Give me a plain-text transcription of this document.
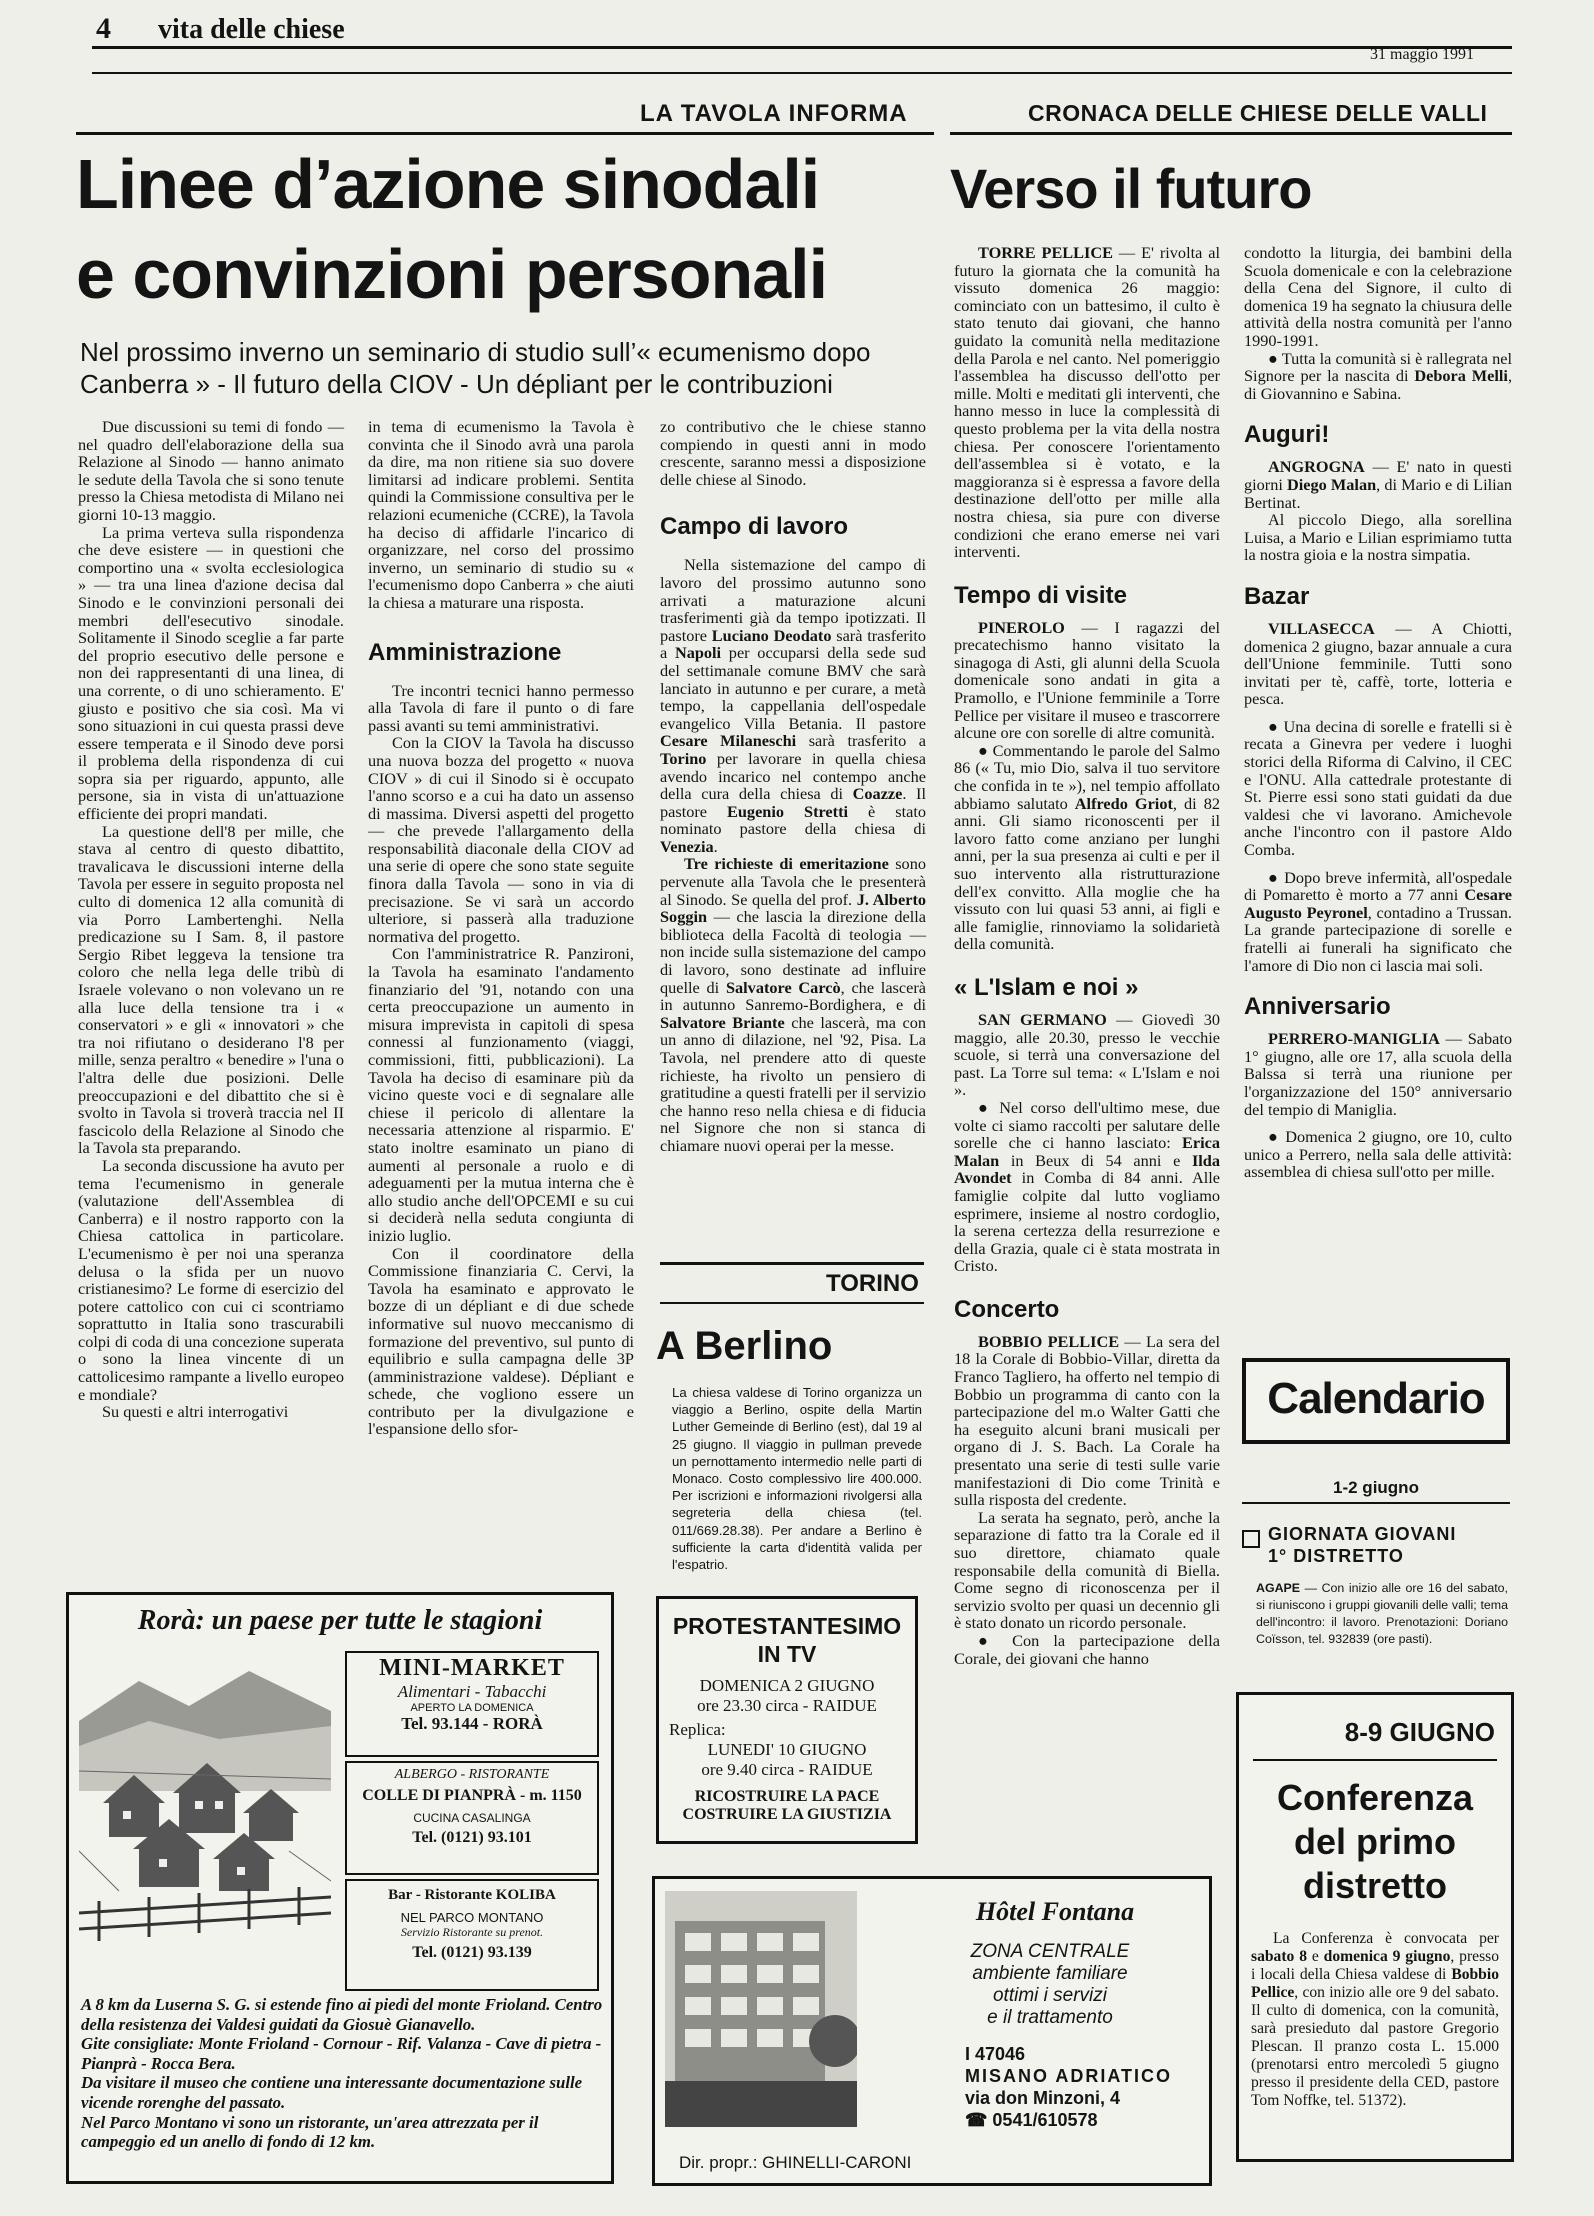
4 vita delle chiese
31 maggio 1991
LA TAVOLA INFORMA
Linee d’azione sinodali
e convinzioni personali
Nel prossimo inverno un seminario di studio sull’« ecumenismo dopo Canberra » - Il futuro della CIOV - Un dépliant per le contribuzioni

Due discussioni su temi di fondo — nel quadro dell'elaborazione della sua Relazione al Sinodo — hanno animato le sedute della Tavola che si sono tenute presso la Chiesa metodista di Milano nei giorni 10-13 maggio.

La prima verteva sulla rispondenza che deve esistere — in questioni che comportino una « svolta ecclesiologica » — tra una linea d'azione decisa dal Sinodo e le convinzioni personali dei membri dell'esecutivo sinodale. Solitamente il Sinodo sceglie a far parte del proprio esecutivo delle persone e non dei rappresentanti di una linea, di una corrente, o di uno schieramento. E' giusto e positivo che sia così. Ma vi sono situazioni in cui questa prassi deve essere temperata e il Sinodo deve porsi il problema della rispondenza di cui sopra sia per riguardo, appunto, alle persone, sia in vista di un'attuazione efficiente dei propri mandati.

La questione dell'8 per mille, che stava al centro di questo dibattito, travalicava le discussioni interne della Tavola per essere in seguito proposta nel culto di domenica 12 alla comunità di via Porro Lambertenghi. Nella predicazione su I Sam. 8, il pastore Sergio Ribet leggeva la tensione tra coloro che nella lega delle tribù di Israele volevano o non volevano un re alla luce della tensione tra i « conservatori » e gli « innovatori » che tra noi rifiutano o desiderano l'8 per mille, senza peraltro « benedire » l'una o l'altra delle due posizioni. Delle preoccupazioni e del dibattito che si è svolto in Tavola si troverà traccia nel II fascicolo della Relazione al Sinodo che la Tavola sta preparando.

La seconda discussione ha avuto per tema l'ecumenismo in generale (valutazione dell'Assemblea di Canberra) e il nostro rapporto con la Chiesa cattolica in particolare. L'ecumenismo è per noi una speranza delusa o la sfida per un nuovo cristianesimo? Le forme di esercizio del potere cattolico con cui ci scontriamo soprattutto in Italia sono trascurabili colpi di coda di una concezione superata o sono la linea vincente di un cattolicesimo rampante a livello europeo e mondiale?

Su questi e altri interrogativi

in tema di ecumenismo la Tavola è convinta che il Sinodo avrà una parola da dire, ma non ritiene sia suo dovere limitarsi ad indicare problemi. Sentita quindi la Commissione consultiva per le relazioni ecumeniche (CCRE), la Tavola ha deciso di affidarle l'incarico di organizzare, nel corso del prossimo inverno, un seminario di studio su « l'ecumenismo dopo Canberra » che aiuti la chiesa a maturare una risposta.

Amministrazione

Tre incontri tecnici hanno permesso alla Tavola di fare il punto o di fare passi avanti su temi amministrativi.

Con la CIOV la Tavola ha discusso una nuova bozza del progetto « nuova CIOV » di cui il Sinodo si è occupato l'anno scorso e a cui ha dato un assenso di massima. Diversi aspetti del progetto — che prevede l'allargamento della responsabilità diaconale della CIOV ad una serie di opere che sono state seguite finora dalla Tavola — sono in via di precisazione. Se vi sarà un accordo ulteriore, si passerà alla traduzione normativa del progetto.

Con l'amministratrice R. Panzironi, la Tavola ha esaminato l'andamento finanziario del '91, notando con una certa preoccupazione un aumento in misura imprevista in capitoli di spesa connessi al funzionamento (viaggi, commissioni, fitti, pubblicazioni). La Tavola ha deciso di esaminare più da vicino queste voci e di segnalare alle chiese il pericolo di allentare la necessaria attenzione al risparmio. E' stato inoltre esaminato un piano di aumenti al personale a ruolo e di adeguamenti per la mutua interna che è allo studio anche dell'OPCEMI e su cui si deciderà nella seduta congiunta di inizio luglio.

Con il coordinatore della Commissione finanziaria C. Cervi, la Tavola ha esaminato e approvato le bozze di un dépliant e di due schede informative sul nuovo meccanismo di formazione del preventivo, sul punto di equilibrio e sulla campagna delle 3P (amministrazione valdese). Dépliant e schede, che vogliono essere un contributo per la divulgazione e l'espansione dello sfor-

zo contributivo che le chiese stanno compiendo in questi anni in modo crescente, saranno messi a disposizione delle chiese al Sinodo.

Campo di lavoro

Nella sistemazione del campo di lavoro del prossimo autunno sono arrivati a maturazione alcuni trasferimenti già da tempo ipotizzati. Il pastore Luciano Deodato sarà trasferito a Napoli per occuparsi della sede sud del settimanale comune BMV che sarà lanciato in autunno e per curare, a metà tempo, la cappellania dell'ospedale evangelico Villa Betania. Il pastore Cesare Milaneschi sarà trasferito a Torino per lavorare in quella chiesa avendo incarico nel contempo anche della cura della chiesa di Coazze. Il pastore Eugenio Stretti è stato nominato pastore della chiesa di Venezia.

Tre richieste di emeritazione sono pervenute alla Tavola che le presenterà al Sinodo. Se quella del prof. J. Alberto Soggin — che lascia la direzione della biblioteca della Facoltà di teologia — non incide sulla sistemazione del campo di lavoro, sono destinate ad influire quelle di Salvatore Carcò, che lascerà in autunno Sanremo-Bordighera, e di Salvatore Briante che lascerà, ma con un anno di dilazione, nel '92, Pisa. La Tavola, nel prendere atto di queste richieste, ha rivolto un pensiero di gratitudine a questi fratelli per il servizio che hanno reso nella chiesa e di fiducia nel Signore che non si stanca di chiamare nuovi operai per la messe.

TORINO
A Berlino
La chiesa valdese di Torino organizza un viaggio a Berlino, ospite della Martin Luther Gemeinde di Berlino (est), dal 19 al 25 giugno. Il viaggio in pullman prevede un pernottamento intermedio nelle parti di Monaco. Costo complessivo lire 400.000. Per iscrizioni e informazioni rivolgersi alla segreteria della chiesa (tel. 011/669.28.38). Per andare a Berlino è sufficiente la carta d'identità valida per l'espatrio.
PROTESTANTESIMO
IN TV
DOMENICA 2 GIUGNO
ore 23.30 circa - RAIDUE
Replica:
LUNEDI' 10 GIUGNO
ore 9.40 circa - RAIDUE
RICOSTRUIRE LA PACE
COSTRUIRE LA GIUSTIZIA
Rorà: un paese per tutte le stagioni
MINI-MARKET
Alimentari - Tabacchi
APERTO LA DOMENICA
Tel. 93.144 - RORÀ
ALBERGO - RISTORANTE
COLLE DI PIANPRÀ - m. 1150
CUCINA CASALINGA
Tel. (0121) 93.101
Bar - Ristorante KOLIBA
NEL PARCO MONTANO
Servizio Ristorante su prenot.
Tel. (0121) 93.139
A 8 km da Luserna S. G. si estende fino ai piedi del monte Frioland. Centro della resistenza dei Valdesi guidati da Giosuè Gianavello.
Gite consigliate: Monte Frioland - Cornour - Rif. Valanza - Cave di pietra - Pianprà - Rocca Bera.
Da visitare il museo che contiene una interessante documentazione sulle vicende rorenghe del passato.
Nel Parco Montano vi sono un ristorante, un'area attrezzata per il campeggio ed un anello di fondo di 12 km.
Hôtel Fontana
ZONA CENTRALE
ambiente familiare
ottimi i servizi
e il trattamento
I 47046
MISANO ADRIATICO
via don Minzoni, 4
☎ 0541/610578
Dir. propr.: GHINELLI-CARONI
CRONACA DELLE CHIESE DELLE VALLI
Verso il futuro

TORRE PELLICE — E' rivolta al futuro la giornata che la comunità ha vissuto domenica 26 maggio: cominciato con un battesimo, il culto è stato tenuto dai giovani, che hanno guidato la comunità nella meditazione della Parola e nel canto. Nel pomeriggio l'assemblea ha discusso dell'otto per mille. Molti e meditati gli interventi, che hanno messo in luce la complessità di questo problema per la vita della nostra chiesa. Per conoscere l'orientamento dell'assemblea si è votato, e la maggioranza si è espressa a favore della destinazione dell'otto per mille alla nostra chiesa, sia pure con diverse condizioni che erano emerse nei vari interventi.

Tempo di visite

PINEROLO — I ragazzi del precatechismo hanno visitato la sinagoga di Asti, gli alunni della Scuola domenicale sono andati in gita a Pramollo, e l'Unione femminile a Torre Pellice per visitare il museo e trascorrere alcune ore con sorelle di altre comunità.

● Commentando le parole del Salmo 86 (« Tu, mio Dio, salva il tuo servitore che confida in te »), nel tempio affollato abbiamo salutato Alfredo Griot, di 82 anni. Gli siamo riconoscenti per il lavoro fatto come anziano per lunghi anni, per la sua presenza ai culti e per il suo intervento alla ristrutturazione dell'ex convitto. Alla moglie che ha vissuto con lui quasi 53 anni, ai figli e alle famiglie, rinnoviamo la solidarietà della comunità.

« L'Islam e noi »

SAN GERMANO — Giovedì 30 maggio, alle 20.30, presso le vecchie scuole, si terrà una conversazione del past. La Torre sul tema: « L'Islam e noi ».

● Nel corso dell'ultimo mese, due volte ci siamo raccolti per salutare delle sorelle che ci hanno lasciato: Erica Malan in Beux di 54 anni e Ilda Avondet in Comba di 84 anni. Alle famiglie colpite dal lutto vogliamo esprimere, insieme al nostro cordoglio, la serena certezza della resurrezione e della Grazia, quale ci è stata mostrata in Cristo.

Concerto

BOBBIO PELLICE — La sera del 18 la Corale di Bobbio-Villar, diretta da Franco Tagliero, ha offerto nel tempio di Bobbio un programma di canto con la partecipazione del m.o Walter Gatti che ha eseguito alcuni brani musicali per organo di J. S. Bach. La Corale ha presentato una serie di testi sulle varie manifestazioni di Dio come Trinità e sulla risposta del credente.

La serata ha segnato, però, anche la separazione di fatto tra la Corale ed il suo direttore, chiamato quale responsabile della comunità di Biella. Come segno di riconoscenza per il servizio svolto per quasi un decennio gli è stato donato un ricordo personale.

● Con la partecipazione della Corale, dei giovani che hanno

condotto la liturgia, dei bambini della Scuola domenicale e con la celebrazione della Cena del Signore, il culto di domenica 19 ha segnato la chiusura delle attività della nostra comunità per l'anno 1990-1991.

● Tutta la comunità si è rallegrata nel Signore per la nascita di Debora Melli, di Giovannino e Sabina.

Auguri!

ANGROGNA — E' nato in questi giorni Diego Malan, di Mario e di Lilian Bertinat.

Al piccolo Diego, alla sorellina Luisa, a Mario e Lilian esprimiamo tutta la nostra gioia e la nostra simpatia.

Bazar

VILLASECCA — A Chiotti, domenica 2 giugno, bazar annuale a cura dell'Unione femminile. Tutti sono invitati per tè, caffè, torte, lotteria e pesca.

● Una decina di sorelle e fratelli si è recata a Ginevra per vedere i luoghi storici della Riforma di Calvino, il CEC e l'ONU. Alla cattedrale protestante di St. Pierre essi sono stati guidati da due valdesi che vi lavorano. Amichevole anche l'incontro con il pastore Aldo Comba.

● Dopo breve infermità, all'ospedale di Pomaretto è morto a 77 anni Cesare Augusto Peyronel, contadino a Trussan. La grande partecipazione di sorelle e fratelli ai funerali ha significato che l'amore di Dio non ci lascia mai soli.

Anniversario

PERRERO-MANIGLIA — Sabato 1° giugno, alle ore 17, alla scuola della Balssa si terrà una riunione per l'organizzazione del 150° anniversario del tempio di Maniglia.

● Domenica 2 giugno, ore 10, culto unico a Perrero, nella sala delle attività: assemblea di chiesa sull'otto per mille.

Calendario
1-2 giugno
GIORNATA GIOVANI
1° DISTRETTO
AGAPE — Con inizio alle ore 16 del sabato, si riuniscono i gruppi giovanili delle valli; tema dell'incontro: il lavoro. Prenotazioni: Doriano Coïsson, tel. 932839 (ore pasti).
8-9 GIUGNO
Conferenza
del primo
distretto
La Conferenza è convocata per sabato 8 e domenica 9 giugno, presso i locali della Chiesa valdese di Bobbio Pellice, con inizio alle ore 9 del sabato. Il culto di domenica, con la comunità, sarà presieduto dal pastore Gregorio Plescan. Il pranzo costa L. 15.000 (prenotarsi entro mercoledì 5 giugno presso il presidente della CED, pastore Tom Noffke, tel. 51372).
